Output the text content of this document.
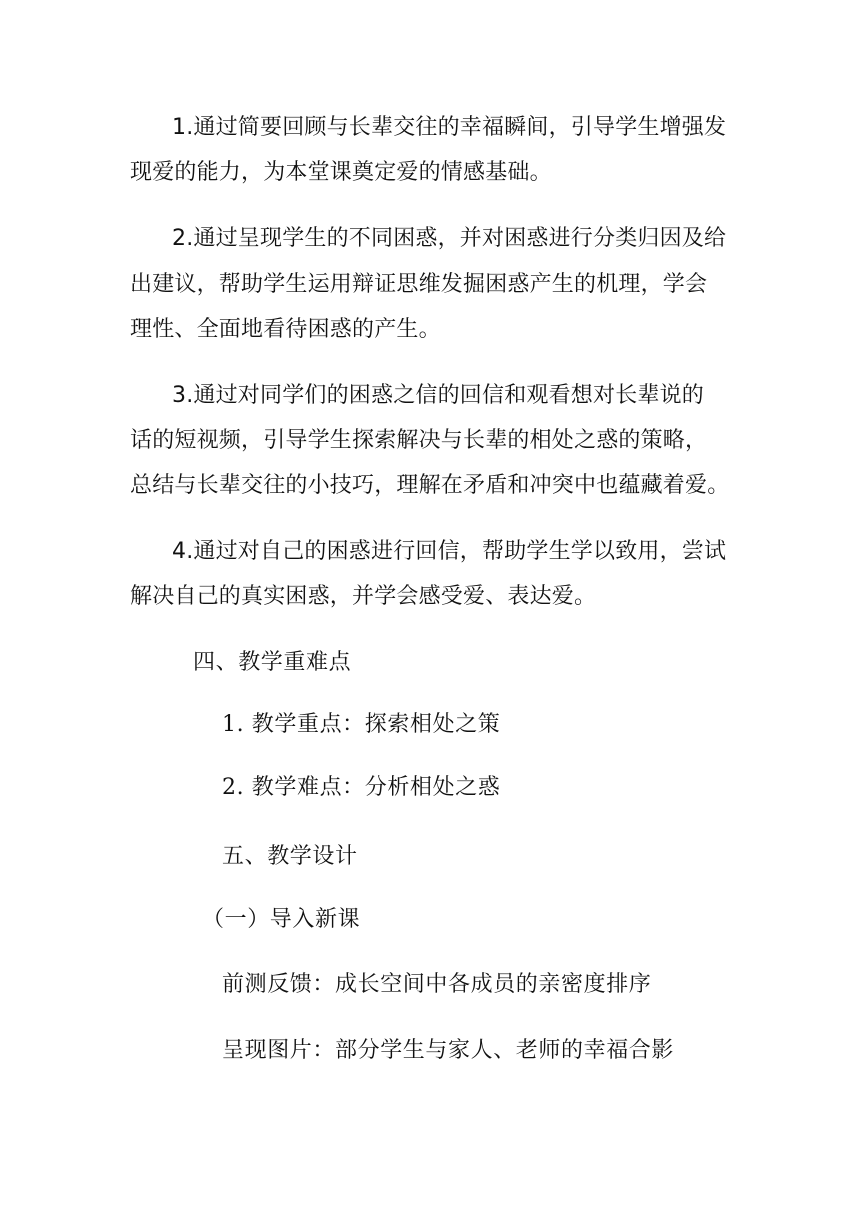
1.通过简要回顾与长辈交往的幸福瞬间，引导学生增强发
现爱的能力，为本堂课奠定爱的情感基础。
2.通过呈现学生的不同困惑，并对困惑进行分类归因及给
出建议，帮助学生运用辩证思维发掘困惑产生的机理，学会
理性、全面地看待困惑的产生。
3.通过对同学们的困惑之信的回信和观看想对长辈说的
话的短视频，引导学生探索解决与长辈的相处之惑的策略，
总结与长辈交往的小技巧，理解在矛盾和冲突中也蕴藏着爱。
4.通过对自己的困惑进行回信，帮助学生学以致用，尝试
解决自己的真实困惑，并学会感受爱、表达爱。
四、教学重难点
1. 教学重点：探索相处之策
2. 教学难点：分析相处之惑
五、教学设计
（一）导入新课
前测反馈：成长空间中各成员的亲密度排序
呈现图片：部分学生与家人、老师的幸福合影
